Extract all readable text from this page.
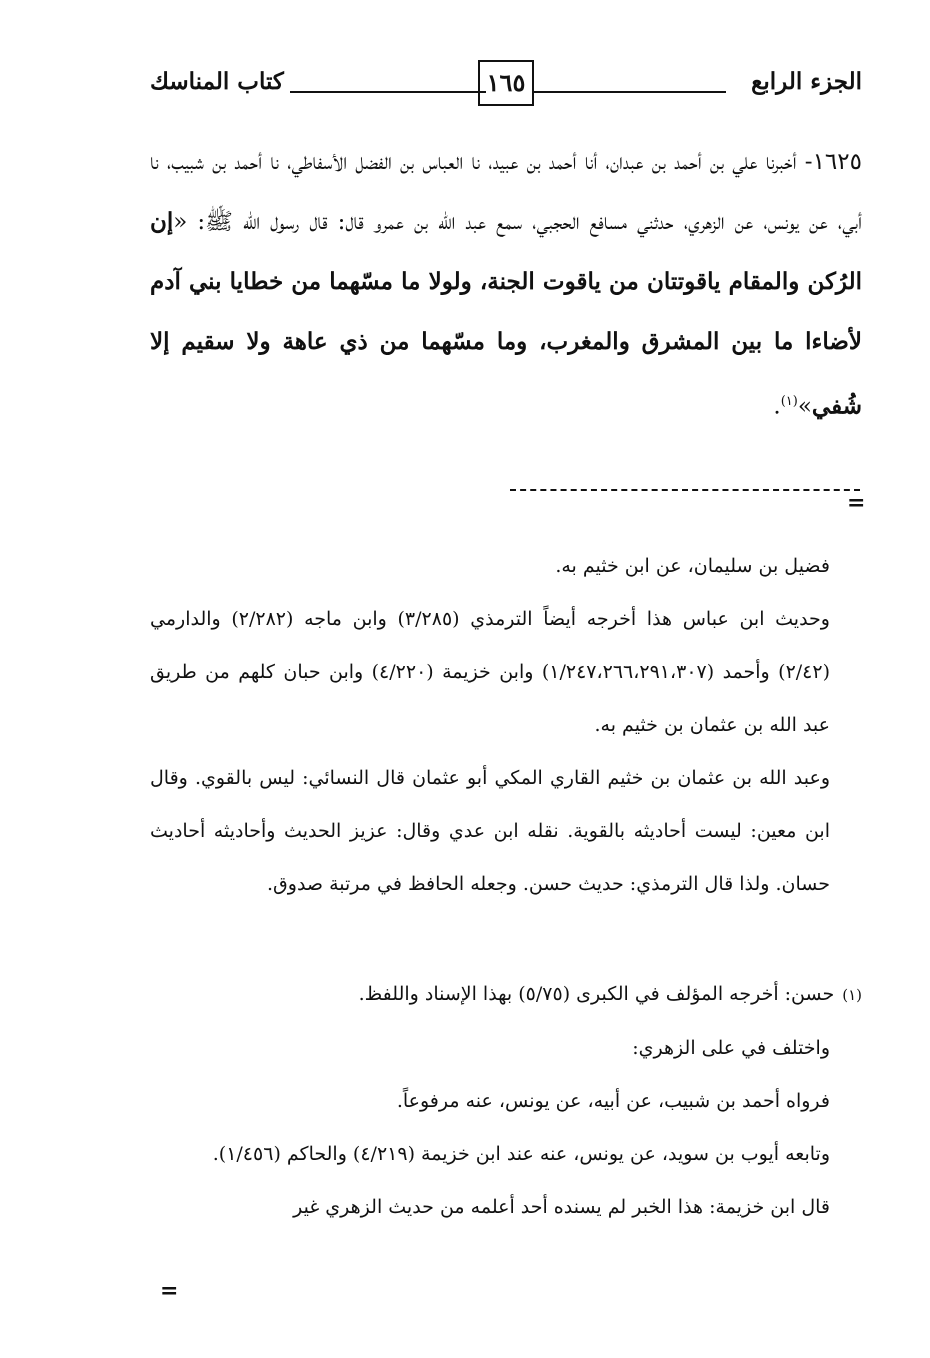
الجزء الرابع
١٦٥
كتاب المناسك
١٦٢٥- أخبرنا علي بن أحمد بن عبدان، أنا أحمد بن عبيد، نا العباس بن الفضل الأسفاطي، نا أحمد بن شبيب، نا أبي، عن يونس، عن الزهري، حدثني مسافع الحجبي، سمع عبد الله بن عمرو قال: قال رسول الله ﷺ: «إن الرُكن والمقام ياقوتتان من ياقوت الجنة، ولولا ما مسّهما من خطايا بني آدم لأضاءا ما بين المشرق والمغرب، وما مسّهما من ذي عاهة ولا سقيم إلا شُفي»$^{(١)}$.
=

فضيل بن سليمان، عن ابن خثيم به.

وحديث ابن عباس هذا أخرجه أيضاً الترمذي (٣/٢٨٥) وابن ماجه (٢/٢٨٢) والدارمي (٢/٤٢) وأحمد (١/٢٤٧،٢٦٦،٢٩١،٣٠٧) وابن خزيمة (٤/٢٢٠) وابن حبان كلهم من طريق عبد الله بن عثمان بن خثيم به.

وعبد الله بن عثمان بن خثيم القاري المكي أبو عثمان قال النسائي: ليس بالقوي. وقال ابن معين: ليست أحاديثه بالقوية. نقله ابن عدي وقال: عزيز الحديث وأحاديثه أحاديث حسان. ولذا قال الترمذي: حديث حسن. وجعله الحافظ في مرتبة صدوق.

(١)حسن: أخرجه المؤلف في الكبرى (٥/٧٥) بهذا الإسناد واللفظ.

واختلف في على الزهري:

فرواه أحمد بن شبيب، عن أبيه، عن يونس، عنه مرفوعاً.

وتابعه أيوب بن سويد، عن يونس، عنه عند ابن خزيمة (٤/٢١٩) والحاكم (١/٤٥٦).

قال ابن خزيمة: هذا الخبر لم يسنده أحد أعلمه من حديث الزهري غير

=
